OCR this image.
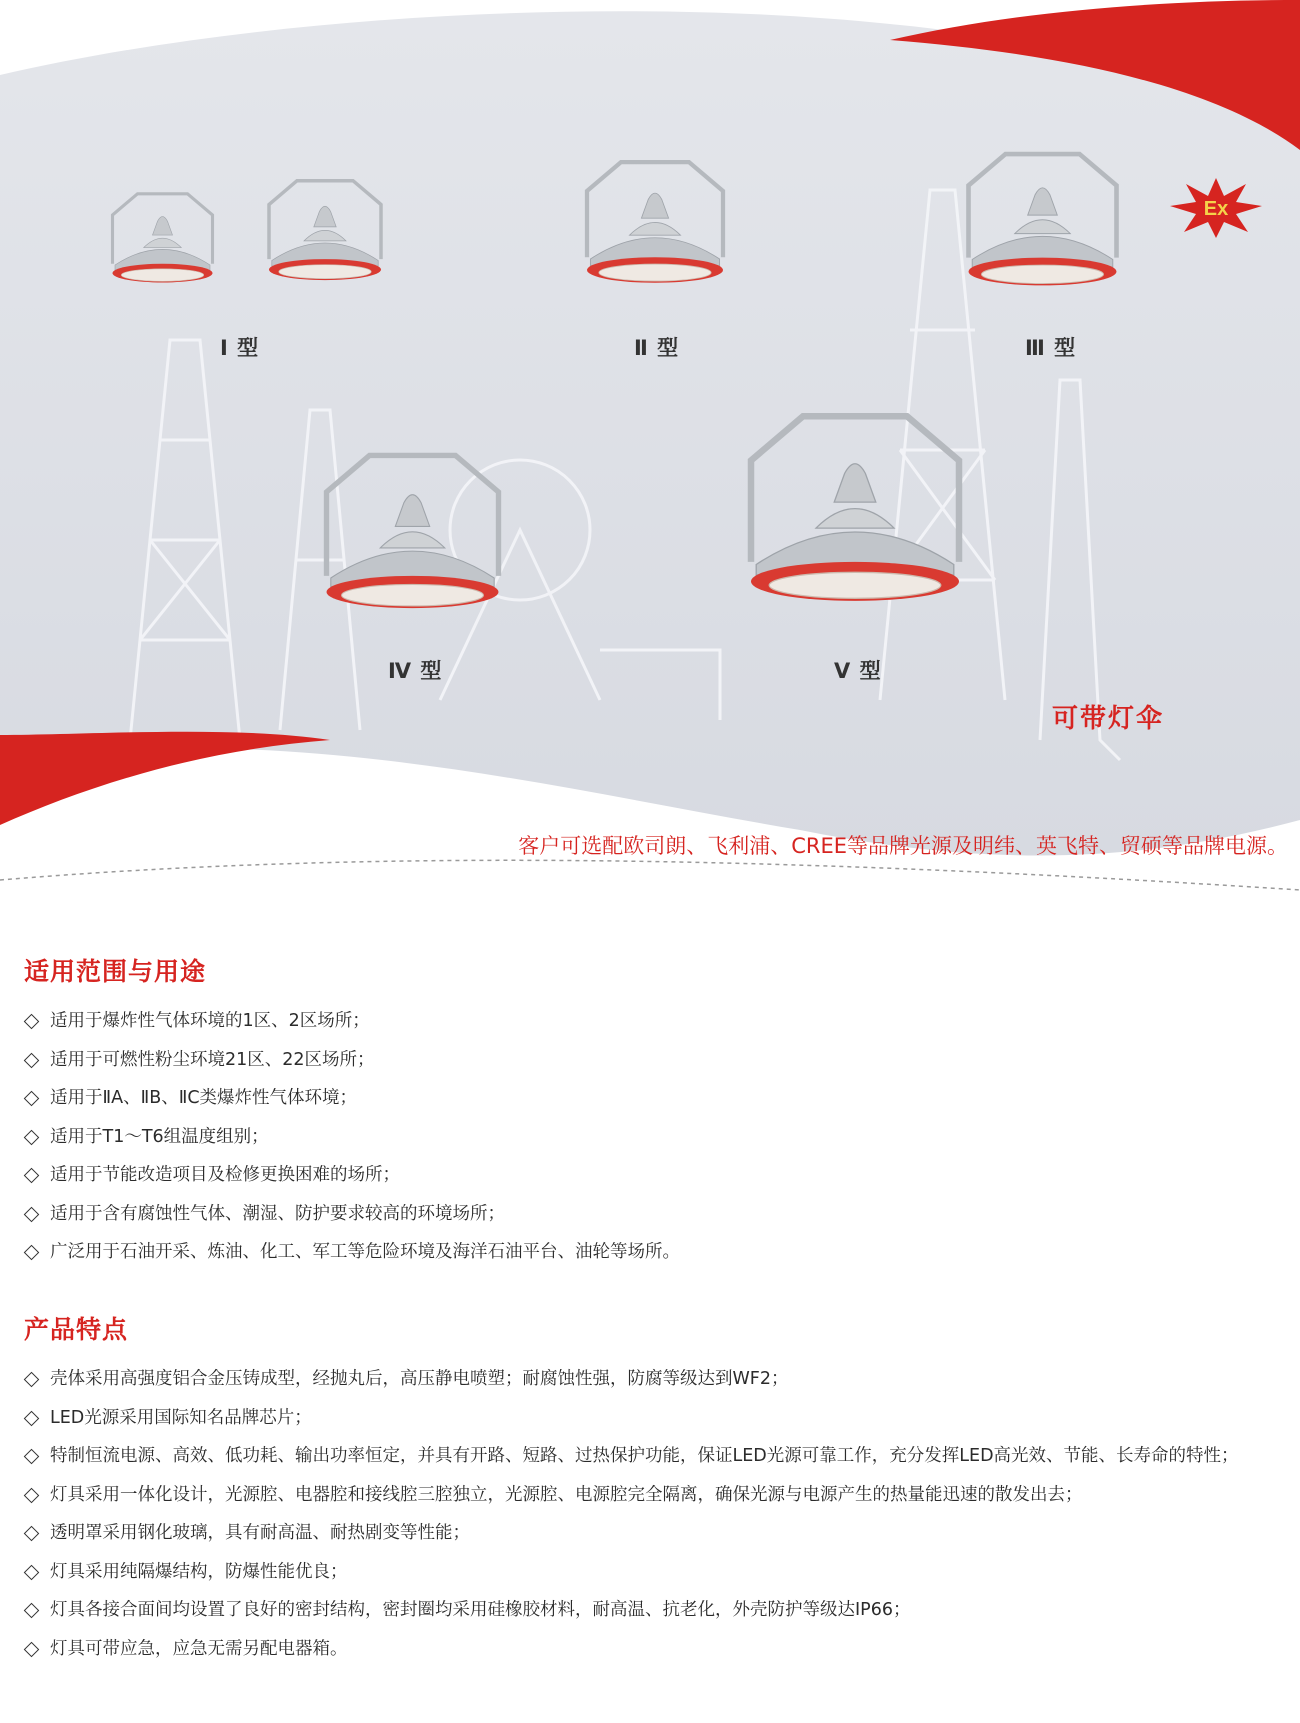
Ⅰ 型	Ⅱ 型	Ⅲ 型
Ⅳ 型	Ⅴ 型
Ex
可带灯伞
客户可选配欧司朗、飞利浦、CREE等品牌光源及明纬、英飞特、贸硕等品牌电源。
适用范围与用途
适用于爆炸性气体环境的1区、2区场所；
适用于可燃性粉尘环境21区、22区场所；
适用于ⅡA、ⅡB、ⅡC类爆炸性气体环境；
适用于T1～T6组温度组别；
适用于节能改造项目及检修更换困难的场所；
适用于含有腐蚀性气体、潮湿、防护要求较高的环境场所；
广泛用于石油开采、炼油、化工、军工等危险环境及海洋石油平台、油轮等场所。
产品特点
壳体采用高强度铝合金压铸成型，经抛丸后，高压静电喷塑；耐腐蚀性强，防腐等级达到WF2；
LED光源采用国际知名品牌芯片；
特制恒流电源、高效、低功耗、输出功率恒定，并具有开路、短路、过热保护功能，保证LED光源可靠工作，充分发挥LED高光效、节能、长寿命的特性；
灯具采用一体化设计，光源腔、电器腔和接线腔三腔独立，光源腔、电源腔完全隔离，确保光源与电源产生的热量能迅速的散发出去；
透明罩采用钢化玻璃，具有耐高温、耐热剧变等性能；
灯具采用纯隔爆结构，防爆性能优良；
灯具各接合面间均设置了良好的密封结构，密封圈均采用硅橡胶材料，耐高温、抗老化，外壳防护等级达IP66；
灯具可带应急，应急无需另配电器箱。
